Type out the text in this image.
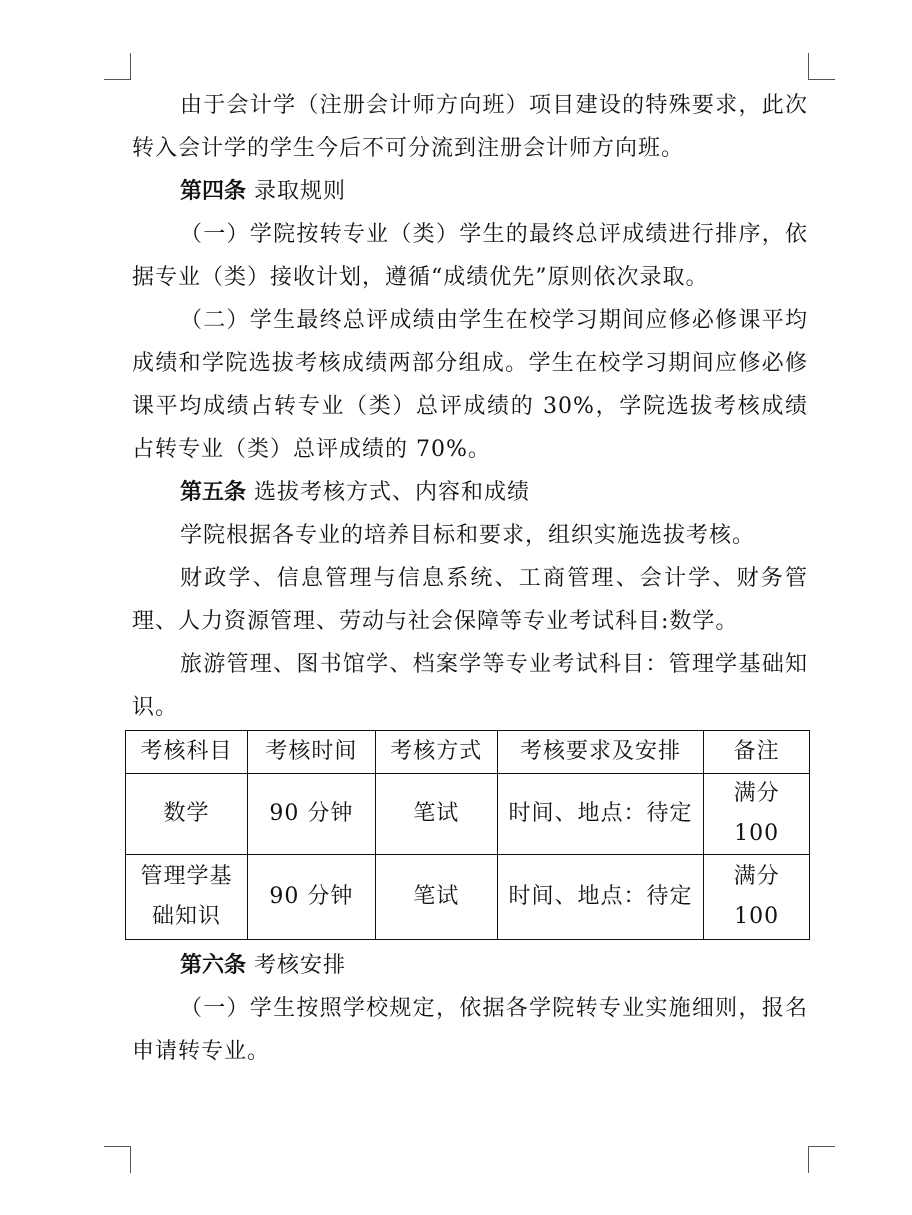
由于会计学（注册会计师方向班）项目建设的特殊要求，此次转入会计学的学生今后不可分流到注册会计师方向班。

第四条 录取规则

（一）学院按转专业（类）学生的最终总评成绩进行排序，依据专业（类）接收计划，遵循“成绩优先”原则依次录取。

（二）学生最终总评成绩由学生在校学习期间应修必修课平均成绩和学院选拔考核成绩两部分组成。学生在校学习期间应修必修课平均成绩占转专业（类）总评成绩的 30%，学院选拔考核成绩占转专业（类）总评成绩的 70%。

第五条 选拔考核方式、内容和成绩

学院根据各专业的培养目标和要求，组织实施选拔考核。

财政学、信息管理与信息系统、工商管理、会计学、财务管理、人力资源管理、劳动与社会保障等专业考试科目:数学。

旅游管理、图书馆学、档案学等专业考试科目：管理学基础知识。

考核科目	考核时间	考核方式	考核要求及安排	备注
数学	90 分钟	笔试	时间、地点：待定	满分 100
管理学基础知识	90 分钟	笔试	时间、地点：待定	满分 100

第六条 考核安排

（一）学生按照学校规定，依据各学院转专业实施细则，报名申请转专业。
